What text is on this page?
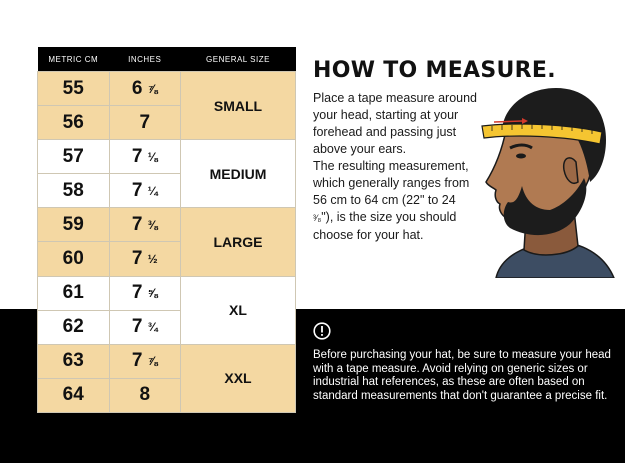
METRIC CM	INCHES	GENERAL SIZE
55	6 ⅞	SMALL
56	7	
57	7 ⅛	MEDIUM
58	7 ¼	
59	7 ⅜	LARGE
60	7 ½	
61	7 ⅝	XL
62	7 ¾	
63	7 ⅞	XXL
64	8	
HOW TO MEASURE.

Place a tape measure around your head, starting at your forehead and passing just above your ears.

The resulting measurement, which generally ranges from 56 cm to 64 cm (22" to 24 ³⁄₈"), is the size you should choose for your hat.

Before purchasing your hat, be sure to measure your head with a tape measure. Avoid relying on generic sizes or industrial hat references, as these are often based on standard measurements that don't guarantee a precise fit.
